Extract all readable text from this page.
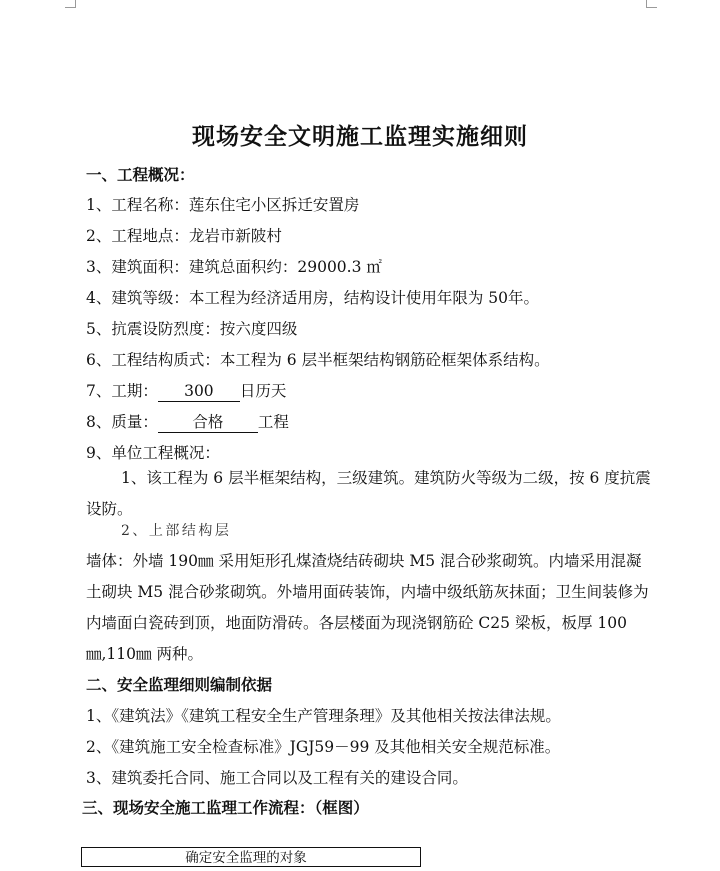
现场安全文明施工监理实施细则

一、工程概况：

1、工程名称：莲东住宅小区拆迁安置房

2、工程地点：龙岩市新陂村

3、建筑面积：建筑总面积约：29000.3 ㎡

4、建筑等级：本工程为经济适用房，结构设计使用年限为 50年。

5、抗震设防烈度：按六度四级

6、工程结构质式：本工程为 6 层半框架结构钢筋砼框架体系结构。

7、工期： 300 日历天

8、质量： 合格 工程

9、单位工程概况：

1、该工程为 6 层半框架结构，三级建筑。建筑防火等级为二级，按 6 度抗震设防。

2、上部结构层

墙体：外墙 190㎜ 采用矩形孔煤渣烧结砖砌块 M5 混合砂浆砌筑。内墙采用混凝土砌块 M5 混合砂浆砌筑。外墙用面砖装饰，内墙中级纸筋灰抹面；卫生间装修为内墙面白瓷砖到顶，地面防滑砖。各层楼面为现浇钢筋砼 C25 梁板，板厚 100㎜,110㎜ 两种。

二、安全监理细则编制依据

1、《建筑法》《建筑工程安全生产管理条理》及其他相关按法律法规。

2、《建筑施工安全检查标准》JGJ59－99 及其他相关安全规范标准。

3、建筑委托合同、施工合同以及工程有关的建设合同。

三、现场安全施工监理工作流程：（框图）

确定安全监理的对象
